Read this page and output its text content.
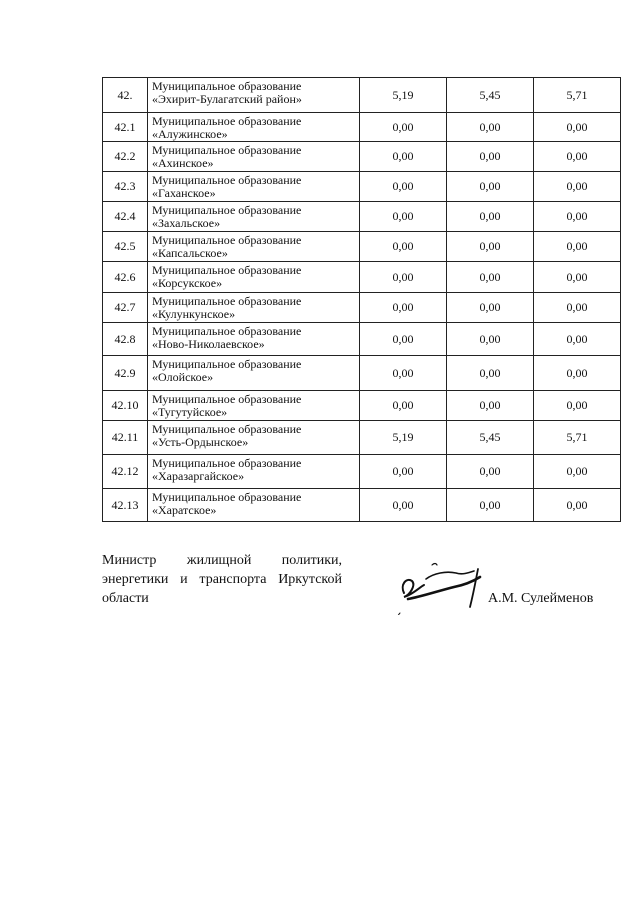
42.	Муниципальное образование
«Эхирит-Булагатский район»	5,19	5,45	5,71
42.1	Муниципальное образование
«Алужинское»	0,00	0,00	0,00
42.2	Муниципальное образование
«Ахинское»	0,00	0,00	0,00
42.3	Муниципальное образование
«Гаханское»	0,00	0,00	0,00
42.4	Муниципальное образование
«Захальское»	0,00	0,00	0,00
42.5	Муниципальное образование
«Капсальское»	0,00	0,00	0,00
42.6	Муниципальное образование
«Корсукское»	0,00	0,00	0,00
42.7	Муниципальное образование
«Кулункунское»	0,00	0,00	0,00
42.8	Муниципальное образование
«Ново-Николаевское»	0,00	0,00	0,00
42.9	Муниципальное образование
«Олойское»	0,00	0,00	0,00
42.10	Муниципальное образование
«Тугутуйское»	0,00	0,00	0,00
42.11	Муниципальное образование
«Усть-Ордынское»	5,19	5,45	5,71
42.12	Муниципальное образование
«Харазаргайское»	0,00	0,00	0,00
42.13	Муниципальное образование
«Харатское»	0,00	0,00	0,00
Министр жилищной политики,
энергетики и транспорта Иркутской
области	А.М. Сулейменов
